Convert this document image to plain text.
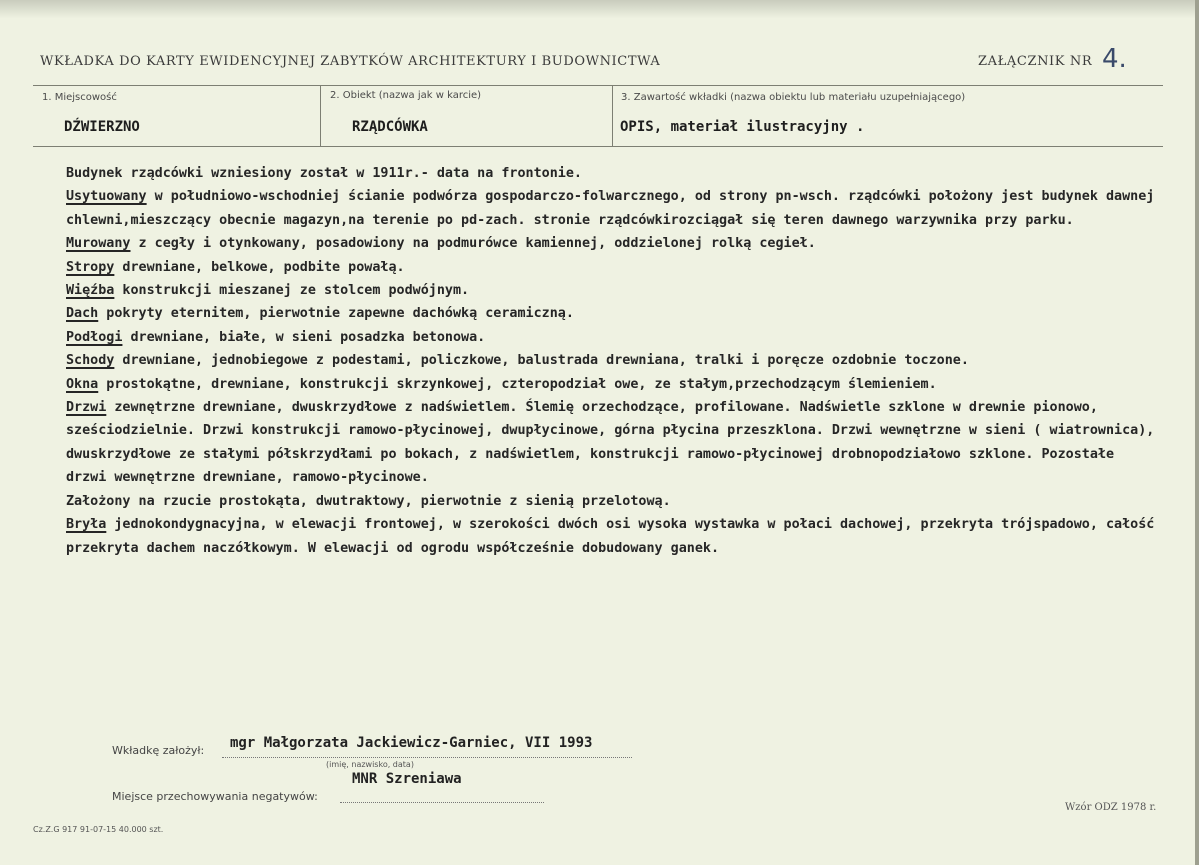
WKŁADKA DO KARTY EWIDENCYJNEJ ZABYTKÓW ARCHITEKTURY I BUDOWNICTWA	ZAŁĄCZNIK NR 4.
1. Miejscowość
DŹWIERZNO
2. Obiekt (nazwa jak w karcie)
RZĄDCÓWKA
3. Zawartość wkładki (nazwa obiektu lub materiału uzupełniającego)
OPIS, materiał ilustracyjny .

Budynek rządcówki wzniesiony został w 1911r.- data na frontonie.

Usytuowany w południowo-wschodniej ścianie podwórza gospodarczo-folwarcznego, od strony pn-wsch. rządcówki położony jest budynek dawnej chlewni,mieszczący obecnie magazyn,na terenie po pd-zach. stronie rządcówkirozciągał się teren dawnego warzywnika przy parku.

Murowany z cegły i otynkowany, posadowiony na podmurówce kamiennej, oddzielonej rolką cegieł.

Stropy drewniane, belkowe, podbite powałą.

Więźba konstrukcji mieszanej ze stolcem podwójnym.

Dach pokryty eternitem, pierwotnie zapewne dachówką ceramiczną.

Podłogi drewniane, białe, w sieni posadzka betonowa.

Schody drewniane, jednobiegowe z podestami, policzkowe, balustrada drewniana, tralki i poręcze ozdobnie toczone.

Okna prostokątne, drewniane, konstrukcji skrzynkowej, czteropodział owe, ze stałym,przechodzącym ślemieniem.

Drzwi zewnętrzne drewniane, dwuskrzydłowe z nadświetlem. Ślemię orzechodzące, profilowane. Nadświetle szklone w drewnie pionowo, sześciodzielnie. Drzwi konstrukcji ramowo-płycinowej, dwupłycinowe, górna płycina przeszklona. Drzwi wewnętrzne w sieni ( wiatrownica), dwuskrzydłowe ze stałymi półskrzydłami po bokach, z nadświetlem, konstrukcji ramowo-płycinowej drobnopodziałowo szklone. Pozostałe drzwi wewnętrzne drewniane, ramowo-płycinowe.

Założony na rzucie prostokąta, dwutraktowy, pierwotnie z sienią przelotową.

Bryła jednokondygnacyjna, w elewacji frontowej, w szerokości dwóch osi wysoka wystawka w połaci dachowej, przekryta trójspadowo, całość przekryta dachem naczółkowym. W elewacji od ogrodu współcześnie dobudowany ganek.

Wkładkę założył: mgr Małgorzata Jackiewicz-Garniec, VII 1993
(imię, nazwisko, data)
MNR Szreniawa
Miejsce przechowywania negatywów:
Cz.Z.G 917 91-07-15 40.000 szt.
Wzór ODZ 1978 r.
